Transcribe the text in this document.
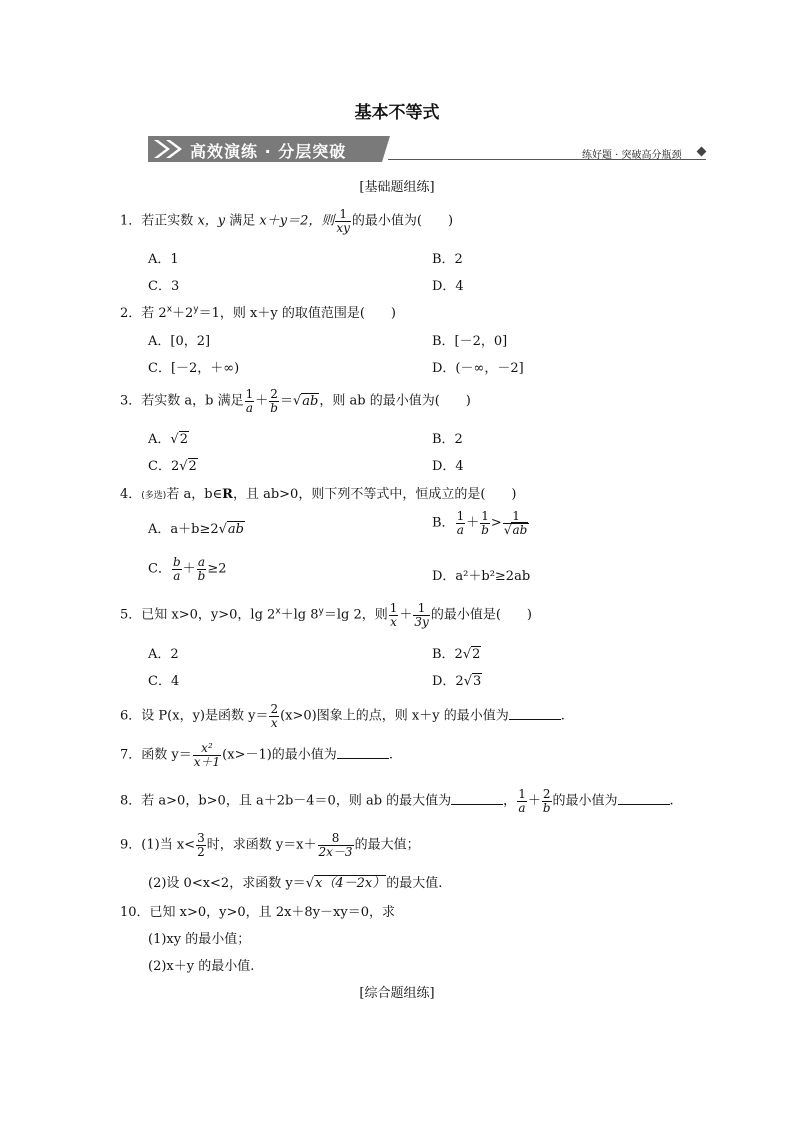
基本不等式
高效演练 · 分层突破	练好题 · 突破高分瓶颈
[基础题组练]
1．若正实数 x，y 满足 x＋y＝2，则 $\frac{1}{xy}$ 的最小值为(　　)
A．1	B．2
C．3	D．4
2．若 $2^x+2^y=1$，则 x＋y 的取值范围是(　　)
A．[0，2]	B．[－2，0]
C．[－2，＋∞)	D．(－∞，－2]
3．若实数 a，b 满足 $\frac{1}{a} + \frac{2}{b} =√ab$，则 ab 的最小值为(　　)
A．√2	B．2
C．2√2	D．4
4．(多选)若 a，b∈R，且 ab>0，则下列不等式中，恒成立的是(　　)
A．a＋b≥2√ab	B． $\frac{1}{a} + \frac{1}{b} > \frac{1}{√ab}$
C． $\frac{b}{a} + \frac{a}{b} \ge 2$	D．a²＋b²≥2ab
5．已知 x>0，y>0，$\lg 2^x+\lg$ $8^y=\lg$ 2，则 $\frac{1}{x} + \frac{1}{3y}$ 的最小值是(　　)
A．2	B．2√2
C．4	D．2√3
6．设 P(x，y)是函数 $y= \frac{2}{x} (x>0)$图象上的点，则 x＋y 的最小值为	.
7．函数 $y= \frac{\text{x²}}{x+1} (x>-1)$的最小值为	.
8．若 a>0，b>0，且 a＋2b－4＝0，则 ab 的最大值为	， $\frac{1}{a} + \frac{2}{b}$ 的最小值为	.
9．(1)当 $x< \frac{3}{2}$ 时，求函数 $y=x+ \frac{8}{2x-3}$ 的最大值；
(2)设 0<x<2，求函数 y＝√x（4－2x）的最大值.
10．已知 x>0，y>0，且 2x＋8y－xy＝0，求
(1)xy 的最小值；
(2)x＋y 的最小值.
[综合题组练]
